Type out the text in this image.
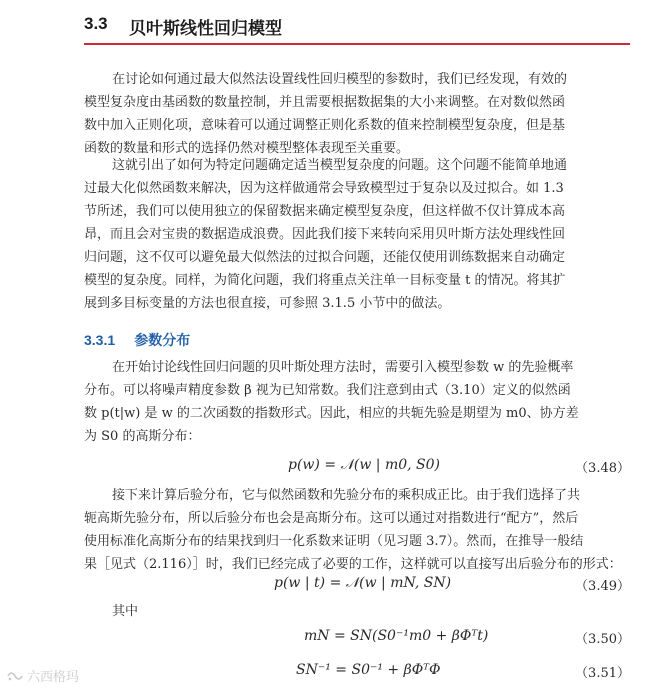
3.3 贝叶斯线性回归模型
在讨论如何通过最大似然法设置线性回归模型的参数时，我们已经发现，有效的
模型复杂度由基函数的数量控制，并且需要根据数据集的大小来调整。在对数似然函
数中加入正则化项，意味着可以通过调整正则化系数的值来控制模型复杂度，但是基
函数的数量和形式的选择仍然对模型整体表现至关重要。
这就引出了如何为特定问题确定适当模型复杂度的问题。这个问题不能简单地通
过最大化似然函数来解决，因为这样做通常会导致模型过于复杂以及过拟合。如 1.3
节所述，我们可以使用独立的保留数据来确定模型复杂度，但这样做不仅计算成本高
昂，而且会对宝贵的数据造成浪费。因此我们接下来转向采用贝叶斯方法处理线性回
归问题，这不仅可以避免最大似然法的过拟合问题，还能仅使用训练数据来自动确定
模型的复杂度。同样，为简化问题，我们将重点关注单一目标变量 t 的情况。将其扩
展到多目标变量的方法也很直接，可参照 3.1.5 小节中的做法。
3.3.1 参数分布
在开始讨论线性回归问题的贝叶斯处理方法时，需要引入模型参数 w 的先验概率
分布。可以将噪声精度参数 β 视为已知常数。我们注意到由式（3.10）定义的似然函
数 p(t|w) 是 w 的二次函数的指数形式。因此，相应的共轭先验是期望为 m0、协方差
为 S0 的高斯分布：
p(w) = 𝒩(w | m0, S0)	（3.48）
接下来计算后验分布，它与似然函数和先验分布的乘积成正比。由于我们选择了共
轭高斯先验分布，所以后验分布也会是高斯分布。这可以通过对指数进行“配方”，然后
使用标准化高斯分布的结果找到归一化系数来证明（见习题 3.7）。然而，在推导一般结
果［见式（2.116）］时，我们已经完成了必要的工作，这样就可以直接写出后验分布的形式：
p(w | t) = 𝒩(w | mN, SN)	（3.49）
其中
mN = SN(S0⁻¹m0 + βΦᵀt)	（3.50）
SN⁻¹ = S0⁻¹ + βΦᵀΦ	（3.51）
六西格玛
